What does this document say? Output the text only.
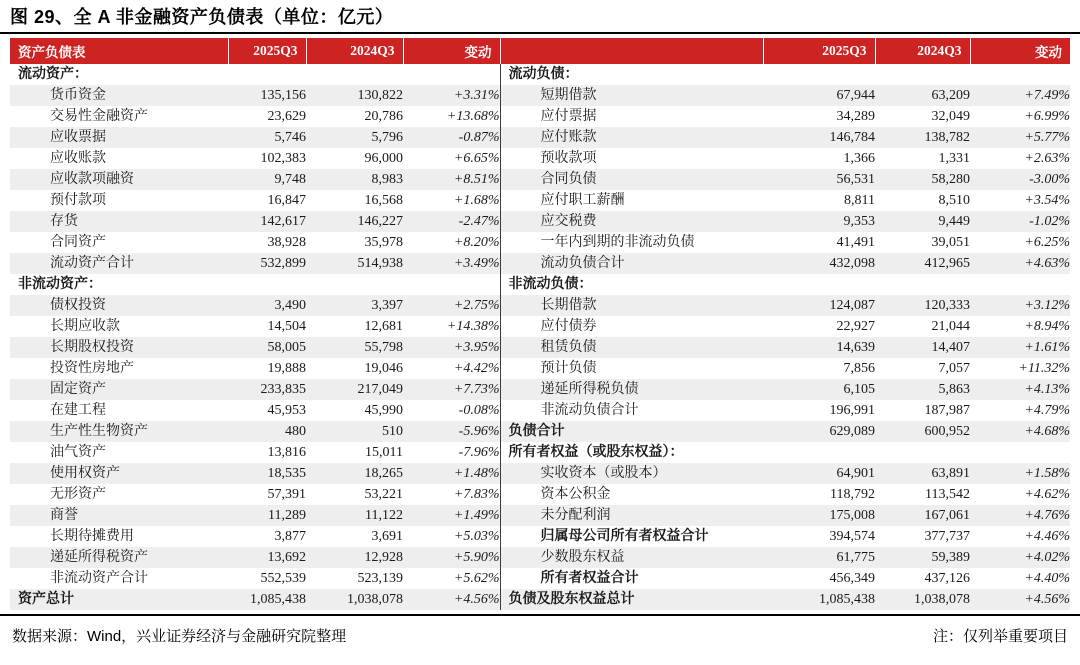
图 29、全 A 非金融资产负债表（单位：亿元）
资产负债表	2025Q3	2024Q3	变动		2025Q3	2024Q3	变动
流动资产：				流动负债：			
货币资金	135,156	130,822	+3.31%	短期借款	67,944	63,209	+7.49%
交易性金融资产	23,629	20,786	+13.68%	应付票据	34,289	32,049	+6.99%
应收票据	5,746	5,796	-0.87%	应付账款	146,784	138,782	+5.77%
应收账款	102,383	96,000	+6.65%	预收款项	1,366	1,331	+2.63%
应收款项融资	9,748	8,983	+8.51%	合同负债	56,531	58,280	-3.00%
预付款项	16,847	16,568	+1.68%	应付职工薪酬	8,811	8,510	+3.54%
存货	142,617	146,227	-2.47%	应交税费	9,353	9,449	-1.02%
合同资产	38,928	35,978	+8.20%	一年内到期的非流动负债	41,491	39,051	+6.25%
流动资产合计	532,899	514,938	+3.49%	流动负债合计	432,098	412,965	+4.63%
非流动资产：				非流动负债：			
债权投资	3,490	3,397	+2.75%	长期借款	124,087	120,333	+3.12%
长期应收款	14,504	12,681	+14.38%	应付债券	22,927	21,044	+8.94%
长期股权投资	58,005	55,798	+3.95%	租赁负债	14,639	14,407	+1.61%
投资性房地产	19,888	19,046	+4.42%	预计负债	7,856	7,057	+11.32%
固定资产	233,835	217,049	+7.73%	递延所得税负债	6,105	5,863	+4.13%
在建工程	45,953	45,990	-0.08%	非流动负债合计	196,991	187,987	+4.79%
生产性生物资产	480	510	-5.96%	负债合计	629,089	600,952	+4.68%
油气资产	13,816	15,011	-7.96%	所有者权益（或股东权益）：			
使用权资产	18,535	18,265	+1.48%	实收资本（或股本）	64,901	63,891	+1.58%
无形资产	57,391	53,221	+7.83%	资本公积金	118,792	113,542	+4.62%
商誉	11,289	11,122	+1.49%	未分配利润	175,008	167,061	+4.76%
长期待摊费用	3,877	3,691	+5.03%	归属母公司所有者权益合计	394,574	377,737	+4.46%
递延所得税资产	13,692	12,928	+5.90%	少数股东权益	61,775	59,389	+4.02%
非流动资产合计	552,539	523,139	+5.62%	所有者权益合计	456,349	437,126	+4.40%
资产总计	1,085,438	1,038,078	+4.56%	负债及股东权益总计	1,085,438	1,038,078	+4.56%
数据来源：Wind，兴业证券经济与金融研究院整理	注：仅列举重要项目
